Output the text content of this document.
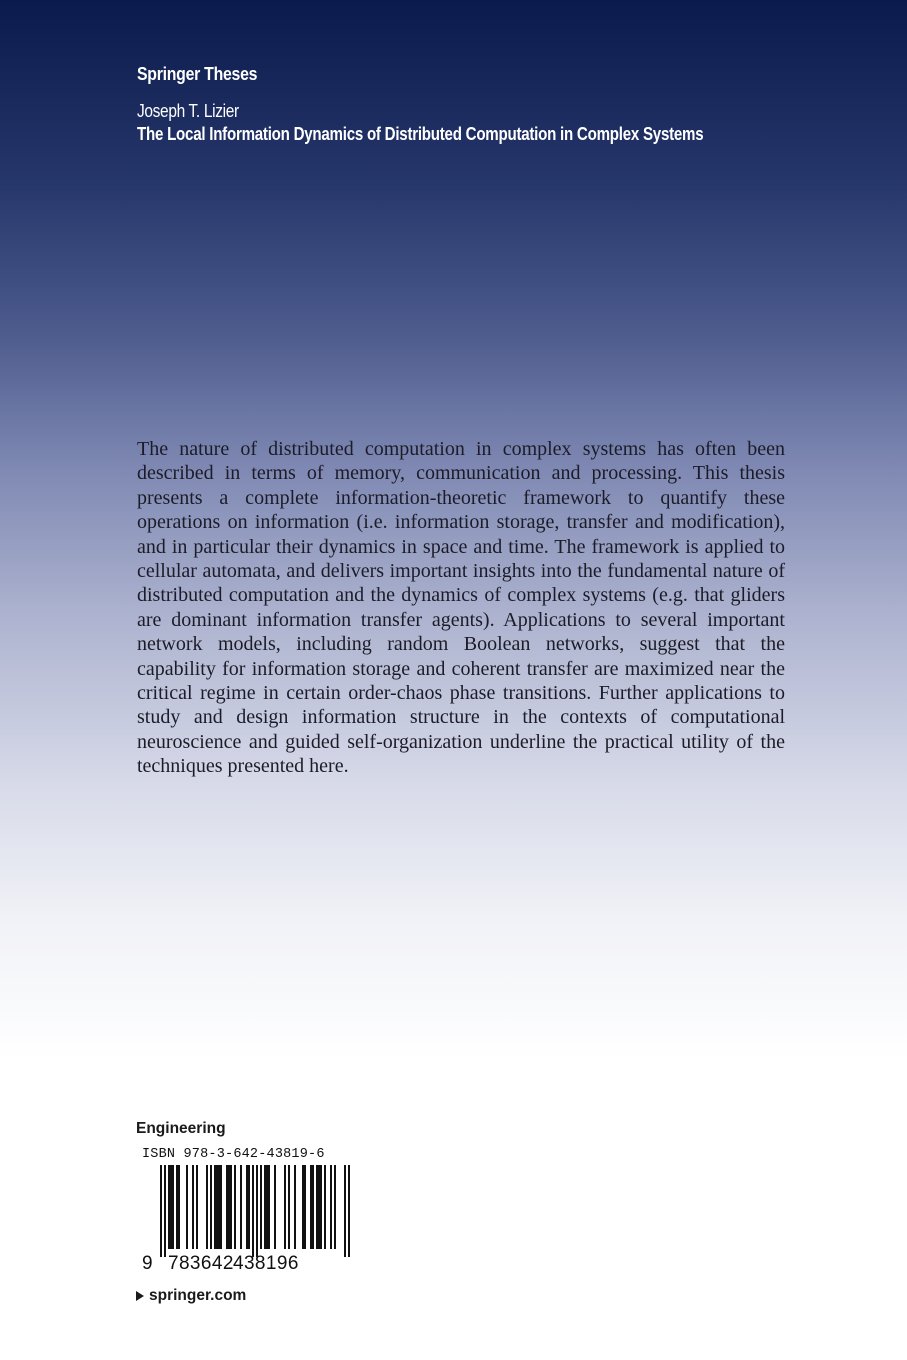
Springer Theses
Joseph T. Lizier
The Local Information Dynamics of Distributed Computation in Complex Systems
The nature of distributed computation in complex systems has often been described in terms of memory, communication and processing. This thesis presents a complete information-theoretic framework to quantify these operations on information (i.e. information storage, transfer and modification), and in particular their dynamics in space and time. The framework is applied to cellular automata, and delivers important insights into the fundamental nature of distributed computation and the dynamics of complex systems (e.g. that gliders are dominant information transfer agents). Applications to several important network models, including random Boolean networks, suggest that the capability for information storage and coherent transfer are maximized near the critical regime in certain order-chaos phase transitions. Further applications to study and design information structure in the contexts of computational neuroscience and guided self-organization underline the practical utility of the techniques presented here.
Engineering
ISBN 978-3-642-43819-6
9 783642 438196
springer.com
